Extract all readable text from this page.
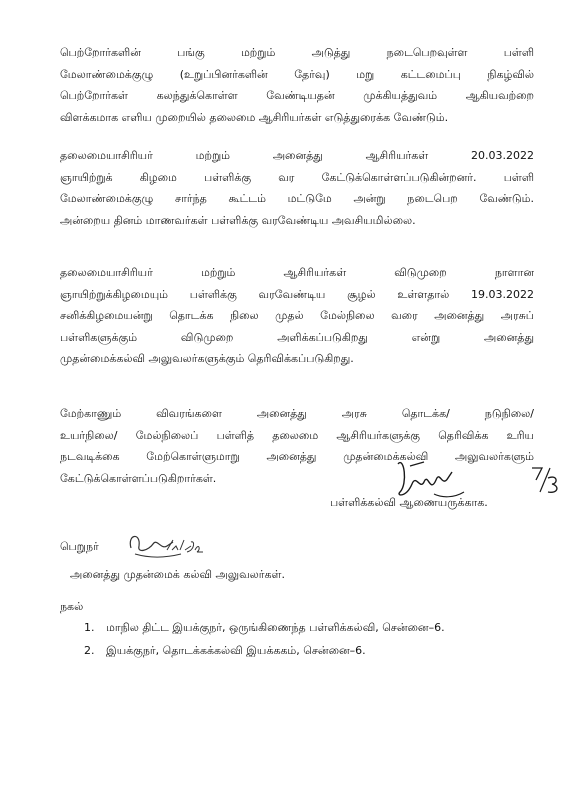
பெற்றோர்களின் பங்கு மற்றும் அடுத்து நடைபெறவுள்ள பள்ளி
மேலாண்மைக்குழு (உறுப்பினர்களின் தேர்வு) மறு கட்டமைப்பு நிகழ்வில்
பெற்றோர்கள் கலந்துக்கொள்ள வேண்டியதன் முக்கியத்துவம் ஆகியவற்றை
விளக்கமாக எளிய முறையில் தலைமை ஆசிரியர்கள் எடுத்துரைக்க வேண்டும்.

தலைமையாசிரியர் மற்றும் அனைத்து ஆசிரியர்கள் 20.03.2022
ஞாயிற்றுக் கிழமை பள்ளிக்கு வர கேட்டுக்கொள்ளப்படுகின்றனர். பள்ளி
மேலாண்மைக்குழு சார்ந்த கூட்டம் மட்டுமே அன்று நடைபெற வேண்டும்.
அன்றைய தினம் மாணவர்கள் பள்ளிக்கு வரவேண்டிய அவசியமில்லை.

தலைமையாசிரியர் மற்றும் ஆசிரியர்கள் விடுமுறை நாளான
ஞாயிற்றுக்கிழமையும் பள்ளிக்கு வரவேண்டிய சூழல் உள்ளதால் 19.03.2022
சனிக்கிழமையன்று தொடக்க நிலை முதல் மேல்நிலை வரை அனைத்து அரசுப்
பள்ளிகளுக்கும் விடுமுறை அளிக்கப்படுகிறது என்று அனைத்து
முதன்மைக்கல்வி அலுவலர்களுக்கும் தெரிவிக்கப்படுகிறது.

மேற்காணும் விவரங்களை அனைத்து அரசு தொடக்க/ நடுநிலை/
உயர்நிலை/ மேல்நிலைப் பள்ளித் தலைமை ஆசிரியர்களுக்கு தெரிவிக்க உரிய
நடவடிக்கை மேற்கொள்ளுமாறு அனைத்து முதன்மைக்கல்வி அலுவலர்களும்
கேட்டுக்கொள்ளப்படுகிறார்கள்.

பள்ளிக்கல்வி ஆணையருக்காக.
பெறுநர்
அனைத்து முதன்மைக் கல்வி அலுவலர்கள்.
நகல்
1. மாநில திட்ட இயக்குநர், ஒருங்கிணைந்த பள்ளிக்கல்வி, சென்னை–6.
2. இயக்குநர், தொடக்கக்கல்வி இயக்ககம், சென்னை–6.
